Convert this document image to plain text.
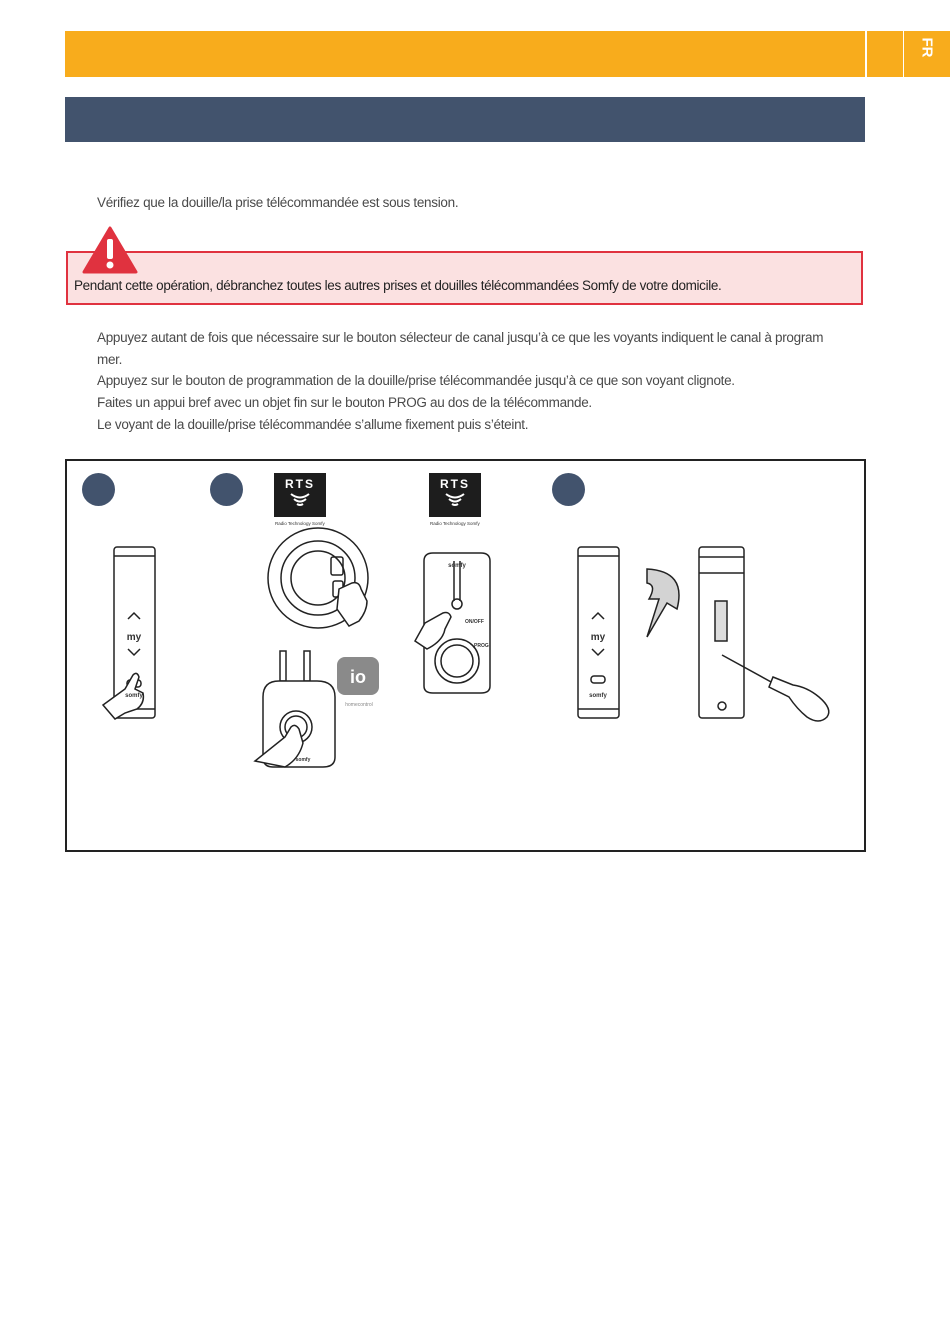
FR
Vérifiez que la douille/la prise télécommandée est sous tension.
Pendant cette opération, débranchez toutes les autres prises et douilles télécommandées Somfy de votre domicile.
Appuyez autant de fois que nécessaire sur le bouton sélecteur de canal jusqu’à ce que les voyants indiquent le canal à program
mer.
Appuyez sur le bouton de programmation de la douille/prise télécommandée jusqu’à ce que son voyant clignote.
Faites un appui bref avec un objet fin sur le bouton PROG au dos de la télécommande.
Le voyant de la douille/prise télécommandée s’allume fixement puis s’éteint.
RTS
Radio Technology Somfy
RTS
Radio Technology Somfy
io
homecontrol
my	my
somfy	somfy
somfy
somfy
ON/OFF
PROG
